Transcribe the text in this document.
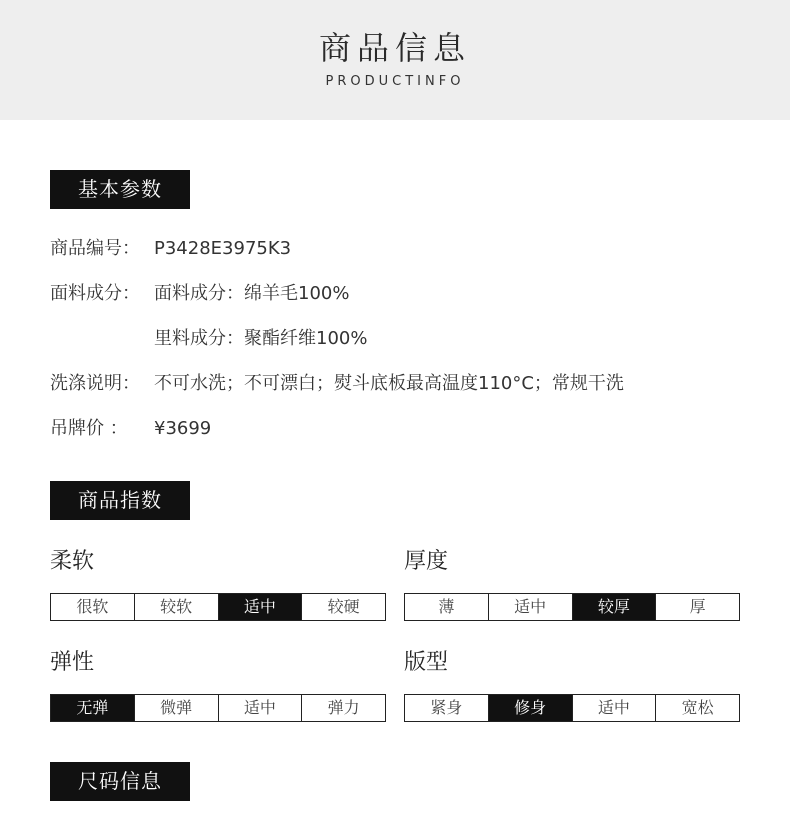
商品信息
PRODUCTINFO
基本参数
商品编号： P3428E3975K3
面料成分： 面料成分：绵羊毛100%
里料成分：聚酯纤维100%
洗涤说明： 不可水洗；不可漂白；熨斗底板最高温度110°C；常规干洗
吊牌价 ： ¥3699
商品指数
柔软
很软	较软	适中	较硬
厚度
薄	适中	较厚	厚
弹性
无弹	微弹	适中	弹力
版型
紧身	修身	适中	宽松
尺码信息
